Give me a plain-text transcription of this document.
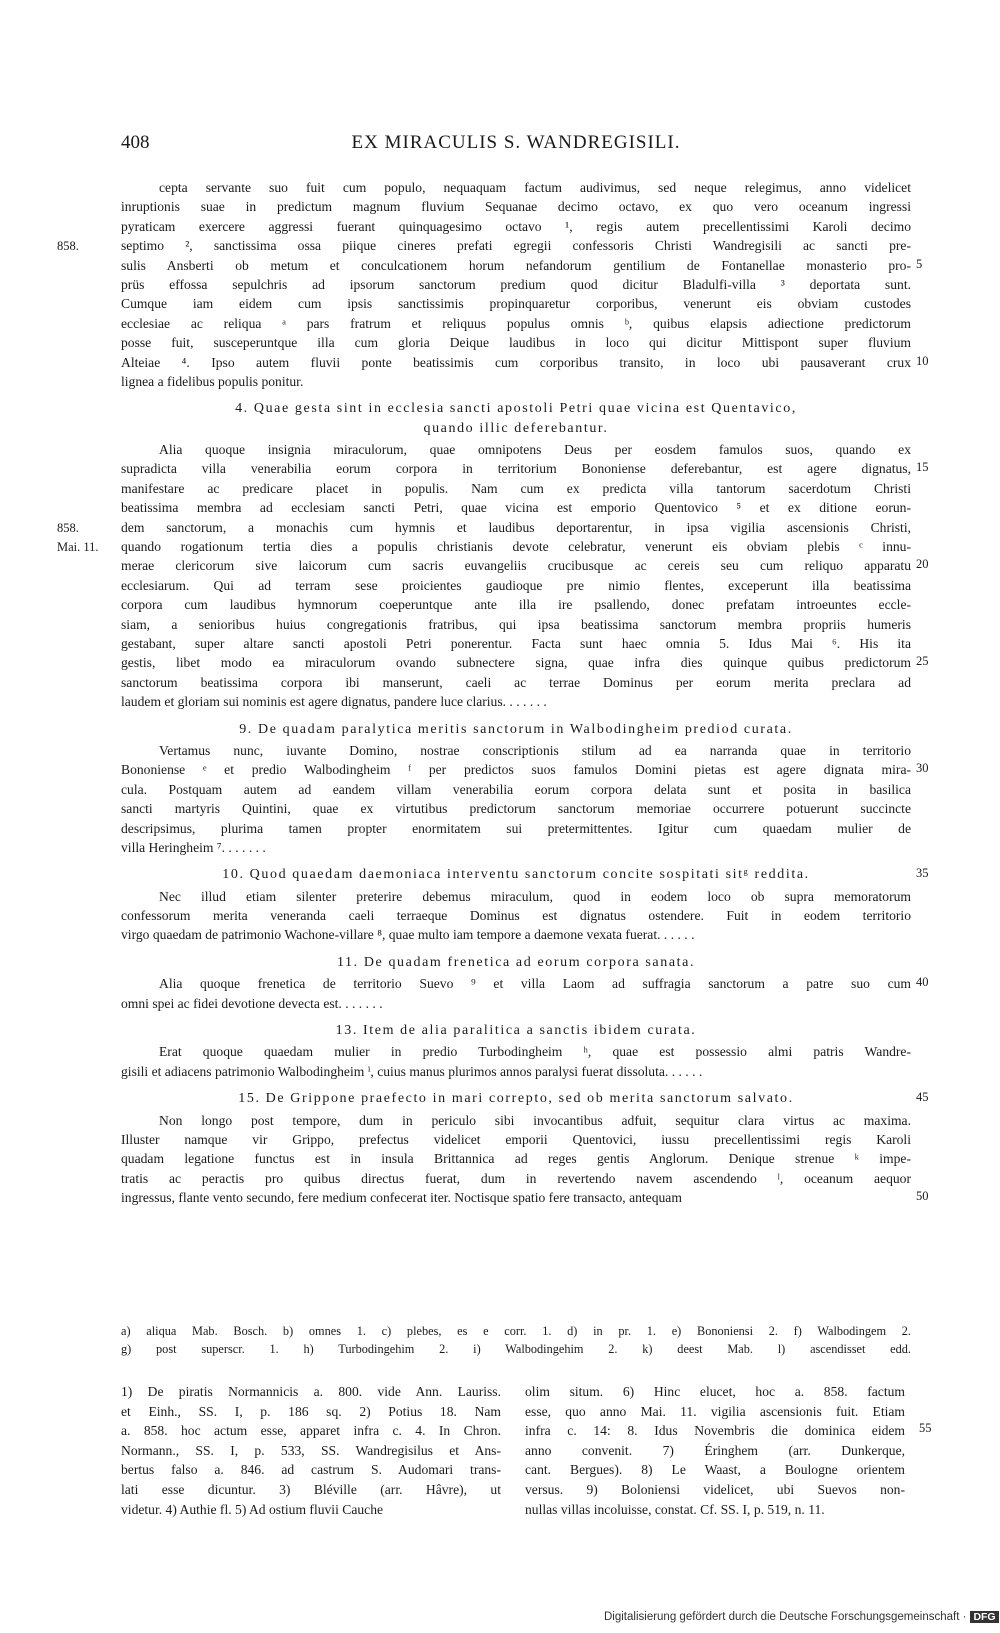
408	EX MIRACULIS S. WANDREGISILI.
cepta servante suo fuit cum populo, nequaquam factum audivimus, sed neque relegimus, anno videlicet
inruptionis suae in predictum magnum fluvium Sequanae decimo octavo, ex quo vero oceanum ingressi
pyraticam exercere aggressi fuerant quinquagesimo octavo ¹, regis autem precellentissimi Karoli decimo
septimo ², sanctissima ossa piique cineres prefati egregii confessoris Christi Wandregisili ac sancti pre-
sulis Ansberti ob metum et conculcationem horum nefandorum gentilium de Fontanellae monasterio pro-
prüs effossa sepulchris ad ipsorum sanctorum predium quod dicitur Bladulfi-villa ³ deportata sunt.
Cumque iam eidem cum ipsis sanctissimis propinquaretur corporibus, venerunt eis obviam custodes
ecclesiae ac reliqua ᵃ pars fratrum et reliquus populus omnis ᵇ, quibus elapsis adiectione predictorum
posse fuit, susceperuntque illa cum gloria Deique laudibus in loco qui dicitur Mittispont super fluvium
Alteiae ⁴. Ipso autem fluvii ponte beatissimis cum corporibus transito, in loco ubi pausaverant crux
lignea a fidelibus populis ponitur.
5
10
858.
4. Quae gesta sint in ecclesia sancti apostoli Petri quae vicina est Quentavico,
quando illic deferebantur.
Alia quoque insignia miraculorum, quae omnipotens Deus per eosdem famulos suos, quando ex
supradicta villa venerabilia eorum corpora in territorium Bononiense deferebantur, est agere dignatus,
manifestare ac predicare placet in populis. Nam cum ex predicta villa tantorum sacerdotum Christi
beatissima membra ad ecclesiam sancti Petri, quae vicina est emporio Quentovico ⁵ et ex ditione eorun-
dem sanctorum, a monachis cum hymnis et laudibus deportarentur, in ipsa vigilia ascensionis Christi,
quando rogationum tertia dies a populis christianis devote celebratur, venerunt eis obviam plebis ᶜ innu-
merae clericorum sive laicorum cum sacris euvangeliis crucibusque ac cereis seu cum reliquo apparatu
ecclesiarum. Qui ad terram sese proicientes gaudioque pre nimio flentes, exceperunt illa beatissima
corpora cum laudibus hymnorum coeperuntque ante illa ire psallendo, donec prefatam introeuntes eccle-
siam, a senioribus huius congregationis fratribus, qui ipsa beatissima sanctorum membra propriis humeris
gestabant, super altare sancti apostoli Petri ponerentur. Facta sunt haec omnia 5. Idus Mai ⁶. His ita
gestis, libet modo ea miraculorum ovando subnectere signa, quae infra dies quinque quibus predictorum
sanctorum beatissima corpora ibi manserunt, caeli ac terrae Dominus per eorum merita preclara ad
laudem et gloriam sui nominis est agere dignatus, pandere luce clarius. . . . . . .
15
20
25
858.
Mai. 11.
9. De quadam paralytica meritis sanctorum in Walbodingheim prediod curata.
Vertamus nunc, iuvante Domino, nostrae conscriptionis stilum ad ea narranda quae in territorio
Bononiense ᵉ et predio Walbodingheim ᶠ per predictos suos famulos Domini pietas est agere dignata mira-
cula. Postquam autem ad eandem villam venerabilia eorum corpora delata sunt et posita in basilica
sancti martyris Quintini, quae ex virtutibus predictorum sanctorum memoriae occurrere potuerunt succincte
descripsimus, plurima tamen propter enormitatem sui pretermittentes. Igitur cum quaedam mulier de
villa Heringheim ⁷. . . . . . .
30
10. Quod quaedam daemoniaca interventu sanctorum concite sospitati sitᵍ reddita.	35
Nec illud etiam silenter preterire debemus miraculum, quod in eodem loco ob supra memoratorum
confessorum merita veneranda caeli terraeque Dominus est dignatus ostendere. Fuit in eodem territorio
virgo quaedam de patrimonio Wachone-villare ⁸, quae multo iam tempore a daemone vexata fuerat. . . . . .
11. De quadam frenetica ad eorum corpora sanata.
Alia quoque frenetica de territorio Suevo ⁹ et villa Laom ad suffragia sanctorum a patre suo cum
omni spei ac fidei devotione devecta est. . . . . . .
40
13. Item de alia paralitica a sanctis ibidem curata.
Erat quoque quaedam mulier in predio Turbodingheim ʰ, quae est possessio almi patris Wandre-
gisili et adiacens patrimonio Walbodingheim ⁱ, cuius manus plurimos annos paralysi fuerat dissoluta. . . . . .
15. De Grippone praefecto in mari correpto, sed ob merita sanctorum salvato.	45
Non longo post tempore, dum in periculo sibi invocantibus adfuit, sequitur clara virtus ac maxima.
Illuster namque vir Grippo, prefectus videlicet emporii Quentovici, iussu precellentissimi regis Karoli
quadam legatione functus est in insula Brittannica ad reges gentis Anglorum. Denique strenue ᵏ impe-
tratis ac peractis pro quibus directus fuerat, dum in revertendo navem ascendendo ˡ, oceanum aequor
ingressus, flante vento secundo, fere medium confecerat iter. Noctisque spatio fere transacto, antequam	50
a) aliqua Mab. Bosch. b) omnes 1. c) plebes, es e corr. 1. d) in pr. 1. e) Bononiensi 2. f) Walbodingem 2.
g) post superscr. 1. h) Turbodingehim 2. i) Walbodingehim 2. k) deest Mab. l) ascendisset edd.
1) De piratis Normannicis a. 800. vide Ann. Lauriss.
et Einh., SS. I, p. 186 sq. 2) Potius 18. Nam
a. 858. hoc actum esse, apparet infra c. 4. In Chron.
Normann., SS. I, p. 533, SS. Wandregisilus et Ans-
bertus falso a. 846. ad castrum S. Audomari trans-
lati esse dicuntur. 3) Bléville (arr. Hâvre), ut
videtur. 4) Authie fl. 5) Ad ostium fluvii Cauche
olim situm. 6) Hinc elucet, hoc a. 858. factum
esse, quo anno Mai. 11. vigilia ascensionis fuit. Etiam
infra c. 14: 8. Idus Novembris die dominica eidem
anno convenit. 7) Éringhem (arr. Dunkerque,
cant. Bergues). 8) Le Waast, a Boulogne orientem
versus. 9) Boloniensi videlicet, ubi Suevos non-
nullas villas incoluisse, constat. Cf. SS. I, p. 519, n. 11.
55
Digitalisierung gefördert durch die Deutsche Forschungsgemeinschaft · DFG
